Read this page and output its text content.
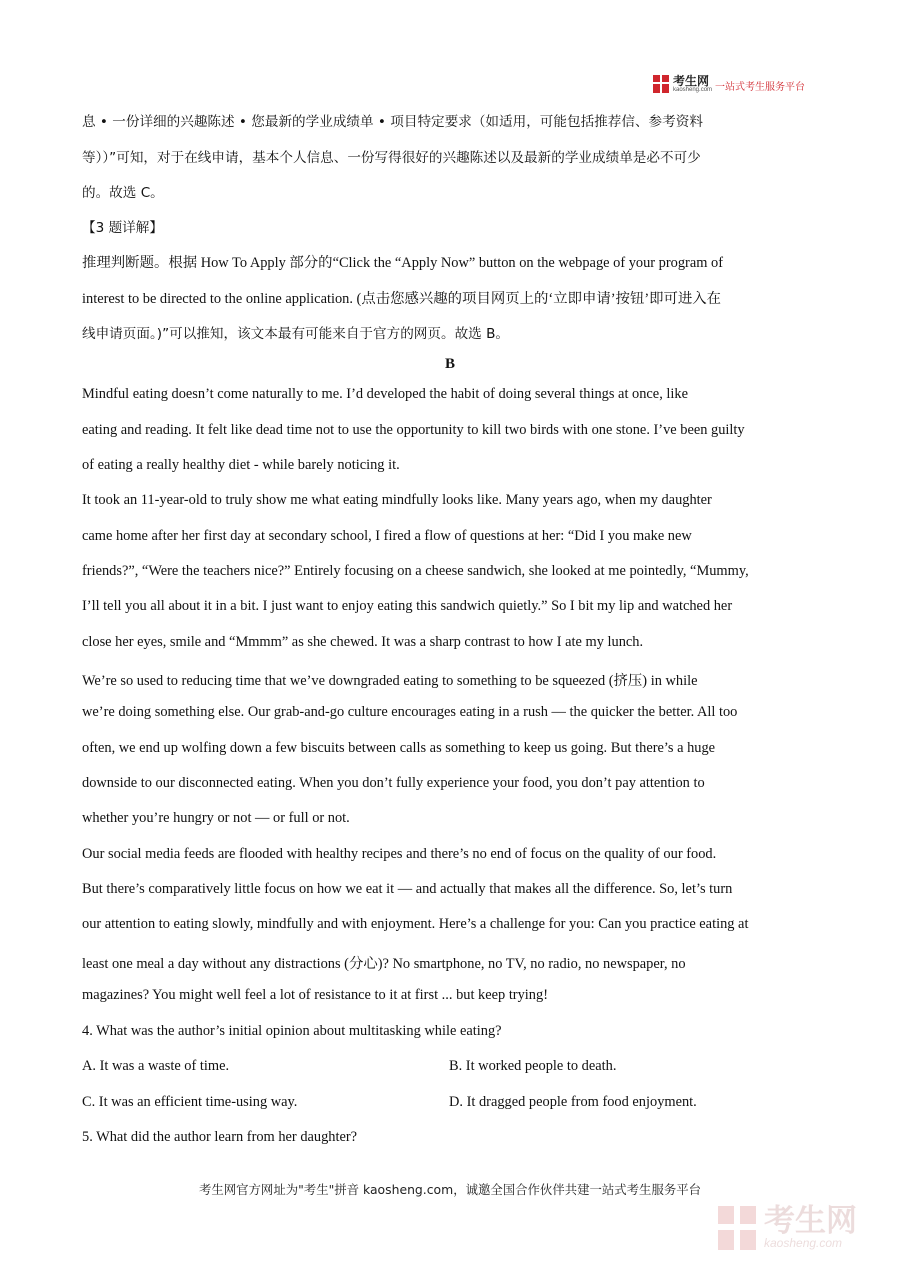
考生网
kaosheng.com 一站式考生服务平台
息 • 一份详细的兴趣陈述 • 您最新的学业成绩单 • 项目特定要求（如适用，可能包括推荐信、参考资料
等））”可知，对于在线申请，基本个人信息、一份写得很好的兴趣陈述以及最新的学业成绩单是必不可少
的。故选 C。
【3 题详解】
推理判断题。根据 How To Apply 部分的“Click the “Apply Now” button on the webpage of your program of
interest to be directed to the online application. (点击您感兴趣的项目网页上的‘立即申请’按钮’即可进入在
线申请页面。)”可以推知，该文本最有可能来自于官方的网页。故选 B。
B
Mindful eating doesn’t come naturally to me. I’d developed the habit of doing several things at once, like
eating and reading. It felt like dead time not to use the opportunity to kill two birds with one stone. I’ve been guilty
of eating a really healthy diet - while barely noticing it.
It took an 11-year-old to truly show me what eating mindfully looks like. Many years ago, when my daughter
came home after her first day at secondary school, I fired a flow of questions at her: “Did I you make new
friends?”, “Were the teachers nice?” Entirely focusing on a cheese sandwich, she looked at me pointedly, “Mummy,
I’ll tell you all about it in a bit. I just want to enjoy eating this sandwich quietly.” So I bit my lip and watched her
close her eyes, smile and “Mmmm” as she chewed. It was a sharp contrast to how I ate my lunch.
We’re so used to reducing time that we’ve downgraded eating to something to be squeezed (挤压) in while
we’re doing something else. Our grab-and-go culture encourages eating in a rush — the quicker the better. All too
often, we end up wolfing down a few biscuits between calls as something to keep us going. But there’s a huge
downside to our disconnected eating. When you don’t fully experience your food, you don’t pay attention to
whether you’re hungry or not — or full or not.
Our social media feeds are flooded with healthy recipes and there’s no end of focus on the quality of our food.
But there’s comparatively little focus on how we eat it — and actually that makes all the difference. So, let’s turn
our attention to eating slowly, mindfully and with enjoyment. Here’s a challenge for you: Can you practice eating at
least one meal a day without any distractions (分心)? No smartphone, no TV, no radio, no newspaper, no
magazines? You might well feel a lot of resistance to it at first ... but keep trying!
4. What was the author’s initial opinion about multitasking while eating?
A. It was a waste of time.	B. It worked people to death.
C. It was an efficient time-using way.	D. It dragged people from food enjoyment.
5. What did the author learn from her daughter?
考生网官方网址为"考生"拼音 kaosheng.com，诚邀全国合作伙伴共建一站式考生服务平台
考生网
kaosheng.com
